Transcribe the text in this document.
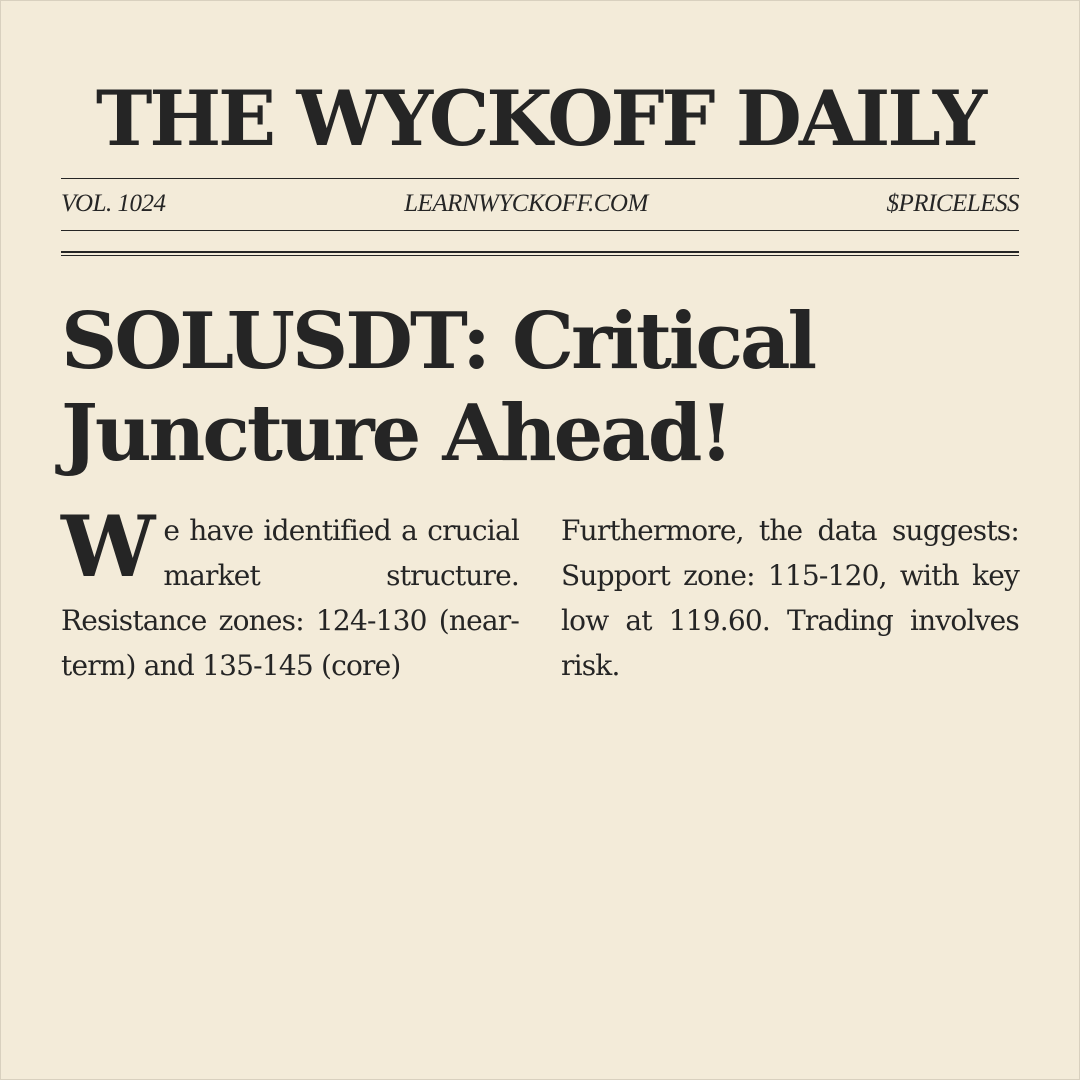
THE WYCKOFF DAILY
VOL. 1024	LEARNWYCKOFF.COM	$PRICELESS
SOLUSDT: Critical Juncture Ahead!
We have identified a crucial market structure. Resistance zones: 124-130 (near-term) and 135-145 (core)
Furthermore, the data suggests: Support zone: 115-120, with key low at 119.60. Trading involves risk.
